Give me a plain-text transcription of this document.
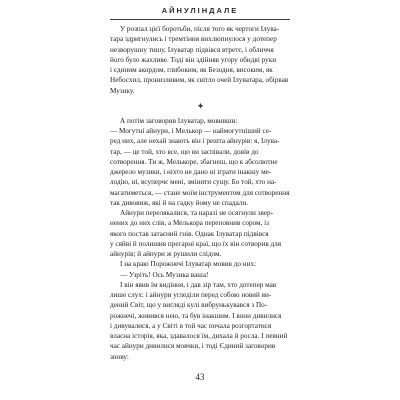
АЙНУЛІНДАЛЕ

У розпал цієї боротьби, після того як чертоги Ілува-
тара здригнулись і тремтіння вихлюпнулося у дотепер
незворушну тишу, Ілуватар підвівся втретє, і обличчя
його було жахливе. Тоді він здійняв угору обидві руки
і єдиним акордом, глибоким, як Безодня, високим, як
Небосхил, пронизливим, як світло очей Ілуватара, обірвав
Музику.

✦

А потім заговорив Ілуватар, мовивши:
— Могутні айнури, і Мелькор — наймогутніший се-
ред них, але нехай знають він і решта айнурів: я, Ілува-
тар, — це той, хто все, що ви заспівали, довів до
сотворення. Ти ж, Мелькоре, збагнеш, що к абсолютне
джерело музики, і ніхто не дано ні іграти інакшу ме-
лодію, ні, всуперчє мені, змінити сущу. Бо той, хто на-
магатиметься, — стане моїм інструментом для сотворення
так дивовиж, які й на гадку йому не спадали.

Айнури перелякалися, та наразі не осягнули звер-
нених до них слів, а Мелькора переповнив сором, із
якого постав затаєний гнів. Однак Ілуватар підвівся
у сяйві й полишив прегарні краї, що їх він сотворив для
айнурів; й айнури ж рушили слідом.

І на краю Порожнечі Ілуватар мовив до них:
— Узріть! Ось Музика ваша!

І він явив їм видіння, і дав зір там, хто дотепер мав
лише слух: і айнури угледіли перед собою новий ви-
дений Світ, що у вигляді кулі вибрунькувався з По-
рожнечі, живився нею, та був інакшим. І вони дивилися
і дивувалися, а у Світі в той час почала розгортатися
власна історія, яка, здавалося їм, дихала й росла. І певний
час айнури дивилися мовчки, і тоді Єдиний заговорив
знову:

43
